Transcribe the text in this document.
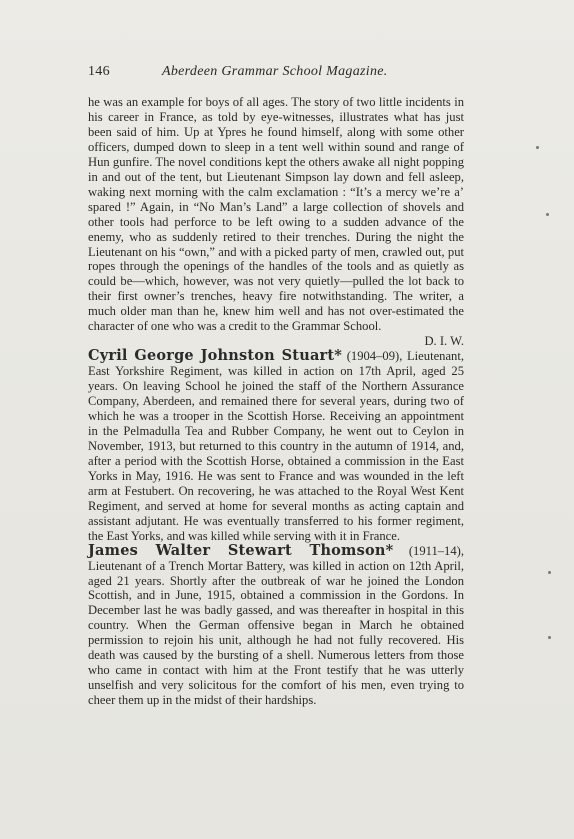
146	Aberdeen Grammar School Magazine.

he was an example for boys of all ages. The story of two little incidents in his career in France, as told by eye-witnesses, illustrates what has just been said of him. Up at Ypres he found himself, along with some other officers, dumped down to sleep in a tent well within sound and range of Hun gunfire. The novel conditions kept the others awake all night popping in and out of the tent, but Lieutenant Simpson lay down and fell asleep, waking next morning with the calm exclamation : “It’s a mercy we’re a’ spared !” Again, in “No Man’s Land” a large collection of shovels and other tools had perforce to be left owing to a sudden advance of the enemy, who as suddenly retired to their trenches. During the night the Lieutenant on his “own,” and with a picked party of men, crawled out, put ropes through the openings of the handles of the tools and as quietly as could be—which, however, was not very quietly—pulled the lot back to their first owner’s trenches, heavy fire notwithstanding. The writer, a much older man than he, knew him well and has not over-estimated the character of one who was a credit to the Grammar School.

D. I. W.

Cyril George Johnston Stuart* (1904–09), Lieutenant, East Yorkshire Regiment, was killed in action on 17th April, aged 25 years. On leaving School he joined the staff of the Northern Assurance Company, Aberdeen, and remained there for several years, during two of which he was a trooper in the Scottish Horse. Receiving an appointment in the Pelmadulla Tea and Rubber Company, he went out to Ceylon in November, 1913, but returned to this country in the autumn of 1914, and, after a period with the Scottish Horse, obtained a commission in the East Yorks in May, 1916. He was sent to France and was wounded in the left arm at Festubert. On recovering, he was attached to the Royal West Kent Regiment, and served at home for several months as acting captain and assistant adjutant. He was eventually transferred to his former regiment, the East Yorks, and was killed while serving with it in France.

James Walter Stewart Thomson* (1911–14), Lieutenant of a Trench Mortar Battery, was killed in action on 12th April, aged 21 years. Shortly after the outbreak of war he joined the London Scottish, and in June, 1915, obtained a commission in the Gordons. In December last he was badly gassed, and was thereafter in hospital in this country. When the German offensive began in March he obtained permission to rejoin his unit, although he had not fully recovered. His death was caused by the bursting of a shell. Numerous letters from those who came in contact with him at the Front testify that he was utterly unselfish and very solicitous for the comfort of his men, even trying to cheer them up in the midst of their hardships.
